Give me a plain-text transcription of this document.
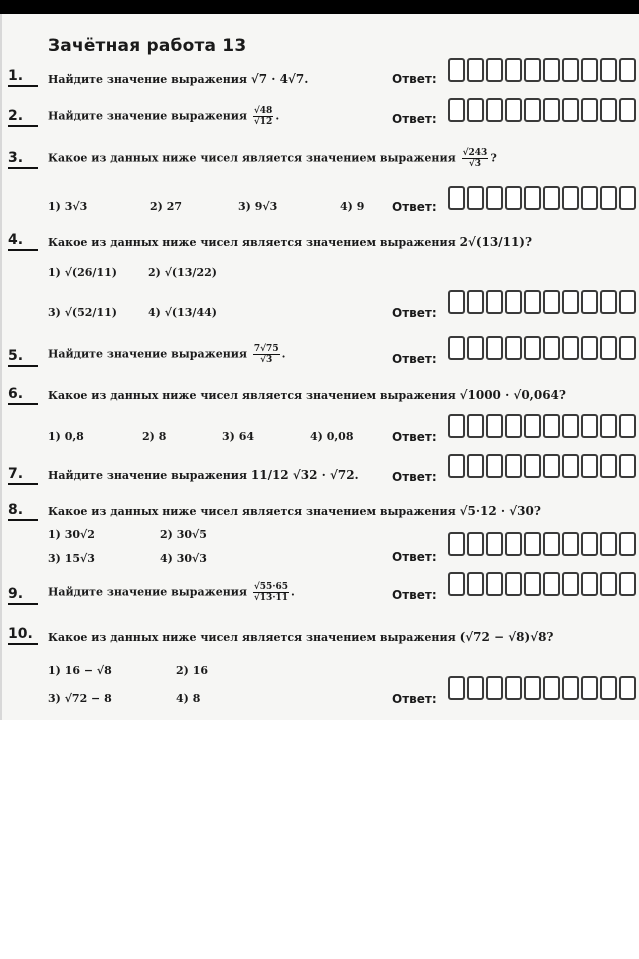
Зачётная работа 13
1.	Найдите значение выражения √7 · 4√7.	Ответ:
2.	Найдите значение выражения $\frac{√48}{√12}$ .	Ответ:
3.	Какое из данных ниже чисел является значением выражения $\frac{√243}{√3}$ ?
1) 3√3	2) 27	3) 9√3	4) 9 Ответ:
4.	Какое из данных ниже чисел является значением выражения 2√(13/11)?
1) √(26/11)	2) √(13/22)
3) √(52/11)	4) √(13/44)	Ответ:
5.	Найдите значение выражения $\frac{7√75}{√3}$ .	Ответ:
6.	Какое из данных ниже чисел является значением выражения √1000 · √0,064?
1) 0,8	2) 8	3) 64	4) 0,08	Ответ:
7.	Найдите значение выражения 11/12 √32 · √72.	Ответ:
8.	Какое из данных ниже чисел является значением выражения √5·12 · √30?
1) 30√2	2) 30√5
3) 15√3	4) 30√3	Ответ:
9.	Найдите значение выражения $\frac{√55\cdot 65}{√13\cdot 11}$ .	Ответ:
10.	Какое из данных ниже чисел является значением выражения (√72 − √8)√8?
1) 16 − √8	2) 16
3) √72 − 8	4) 8	Ответ:
